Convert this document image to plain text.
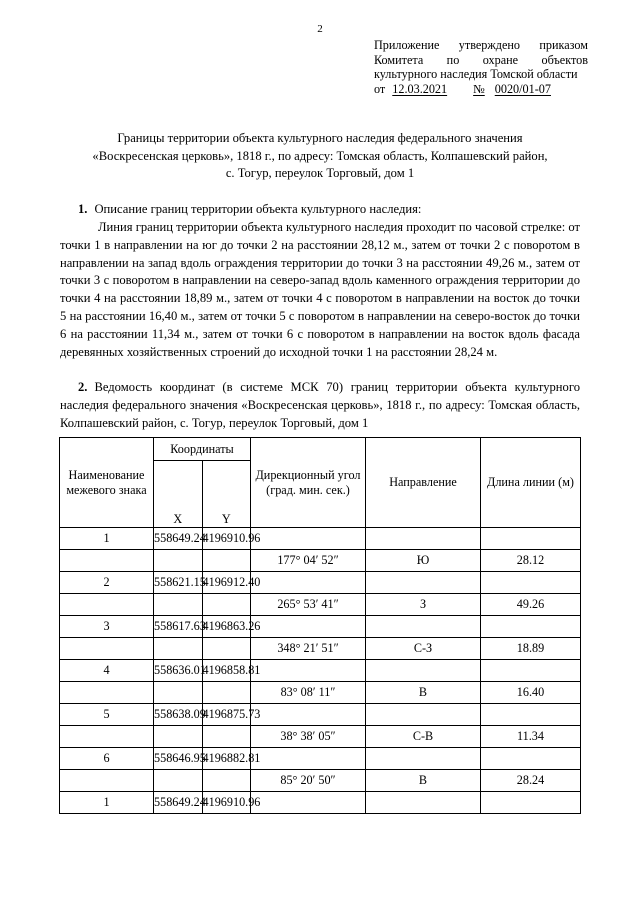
2
Приложение утверждено приказом
Комитета по охране объектов
культурного наследия Томской области
от 12.03.2021 № 0020/01-07
Границы территории объекта культурного наследия федерального значения
«Воскресенская церковь», 1818 г., по адресу: Томская область, Колпашевский район,
с. Тогур, переулок Торговый, дом 1
1. Описание границ территории объекта культурного наследия:
Линия границ территории объекта культурного наследия проходит по часовой стрелке: от точки 1 в направлении на юг до точки 2 на расстоянии 28,12 м., затем от точки 2 с поворотом в направлении на запад вдоль ограждения территории до точки 3 на расстоянии 49,26 м., затем от точки 3 с поворотом в направлении на северо-запад вдоль каменного ограждения территории до точки 4 на расстоянии 18,89 м., затем от точки 4 с поворотом в направлении на восток до точки 5 на расстоянии 16,40 м., затем от точки 5 с поворотом в направлении на северо-восток до точки 6 на расстоянии 11,34 м., затем от точки 6 с поворотом в направлении на восток вдоль фасада деревянных хозяйственных строений до исходной точки 1 на расстоянии 28,24 м.
2. Ведомость координат (в системе МСК 70) границ территории объекта культурного наследия федерального значения «Воскресенская церковь», 1818 г., по адресу: Томская область, Колпашевский район, с. Тогур, переулок Торговый, дом 1
Наименование межевого знака	Координаты		Дирекционный угол (град. мин. сек.)	Направление	Длина линии (м)
	X	Y			
1	558649.24	4196910.96			
			177° 04′ 52″	Ю	28.12
2	558621.15	4196912.40			
			265° 53′ 41″	З	49.26
3	558617.63	4196863.26			
			348° 21′ 51″	С-З	18.89
4	558636.01	4196858.81			
			83° 08′ 11″	В	16.40
5	558638.09	4196875.73			
			38° 38′ 05″	С-В	11.34
6	558646.95	4196882.81			
			85° 20′ 50″	В	28.24
1	558649.24	4196910.96			
